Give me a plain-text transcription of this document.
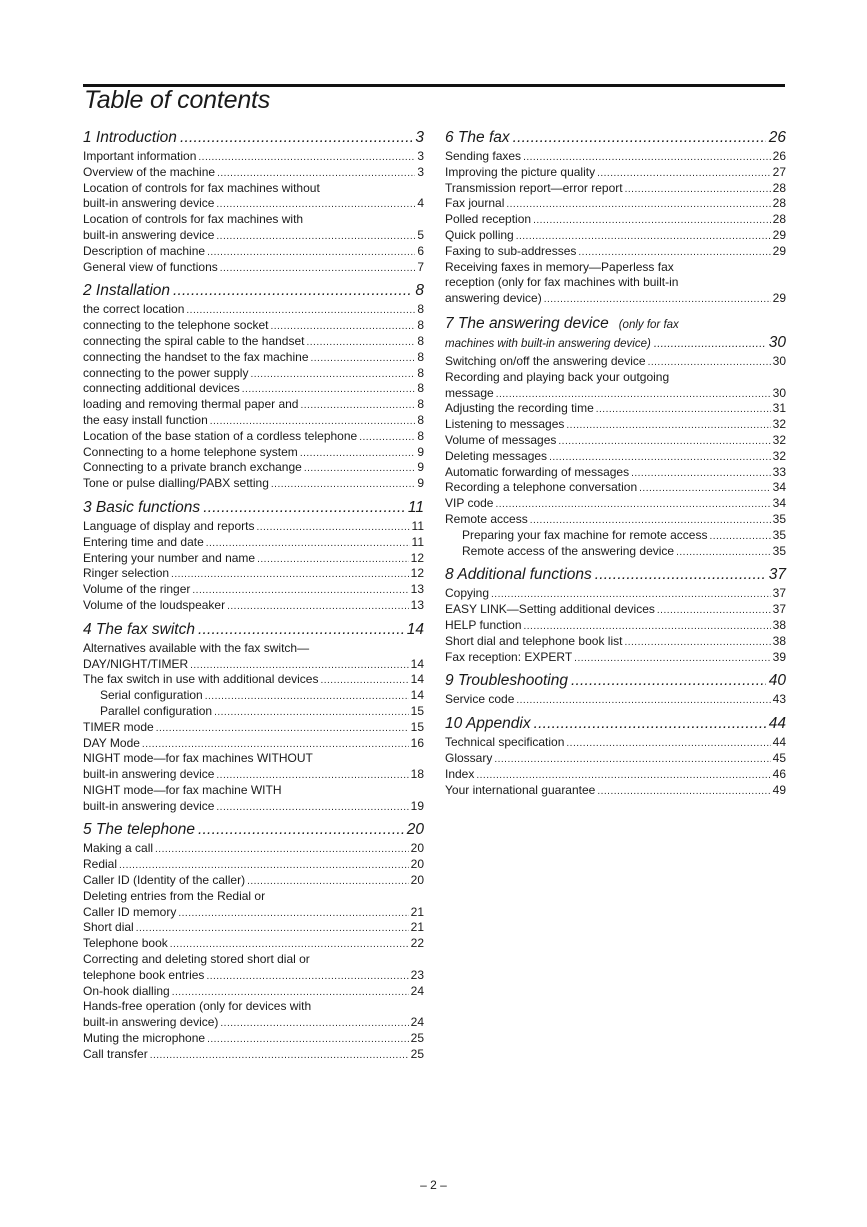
Table of contents
1 Introduction .....	3
Important information .....	3
Overview of the machine .....	3
Location of controls for fax machines without
built-in answering device .....	4
Location of controls for fax machines with
built-in answering device .....	5
Description of machine .....	6
General view of functions .....	7
2 Installation .....	8
the correct location .....	8
connecting to the telephone socket .....	8
connecting the spiral cable to the handset .....	8
connecting the handset to the fax machine .....	8
connecting to the power supply .....	8
connecting additional devices .....	8
loading and removing thermal paper and .....	8
the easy install function .....	8
Location of the base station of a cordless telephone .....	8
Connecting to a home telephone system .....	9
Connecting to a private branch exchange .....	9
Tone or pulse dialling/PABX setting .....	9
3 Basic functions .....	11
Language of display and reports .....	11
Entering time and date .....	11
Entering your number and name .....	12
Ringer selection .....	12
Volume of the ringer .....	13
Volume of the loudspeaker .....	13
4 The fax switch .....	14
Alternatives available with the fax switch—
DAY/NIGHT/TIMER .....	14
The fax switch in use with additional devices .....	14
Serial configuration .....	14
Parallel configuration .....	15
TIMER mode .....	15
DAY Mode .....	16
NIGHT mode—for fax machines WITHOUT
built-in answering device .....	18
NIGHT mode—for fax machine WITH
built-in answering device .....	19
5 The telephone .....	20
Making a call .....	20
Redial .....	20
Caller ID (Identity of the caller) .....	20
Deleting entries from the Redial or
Caller ID memory .....	21
Short dial .....	21
Telephone book .....	22
Correcting and deleting stored short dial or
telephone book entries .....	23
On-hook dialling .....	24
Hands-free operation (only for devices with
built-in answering device) .....	24
Muting the microphone .....	25
Call transfer .....	25
6 The fax .....	26
Sending faxes .....	26
Improving the picture quality .....	27
Transmission report—error report .....	28
Fax journal .....	28
Polled reception .....	28
Quick polling .....	29
Faxing to sub-addresses .....	29
Receiving faxes in memory—Paperless fax
reception (only for fax machines with built-in
answering device) .....	29
7 The answering device (only for fax
machines with built-in answering device) .....	30
Switching on/off the answering device .....	30
Recording and playing back your outgoing
message .....	30
Adjusting the recording time .....	31
Listening to messages .....	32
Volume of messages .....	32
Deleting messages .....	32
Automatic forwarding of messages .....	33
Recording a telephone conversation .....	34
VIP code .....	34
Remote access .....	35
Preparing your fax machine for remote access .....	35
Remote access of the answering device .....	35
8 Additional functions .....	37
Copying .....	37
EASY LINK—Setting additional devices .....	37
HELP function .....	38
Short dial and telephone book list .....	38
Fax reception: EXPERT .....	39
9 Troubleshooting .....	40
Service code .....	43
10 Appendix .....	44
Technical specification .....	44
Glossary .....	45
Index .....	46
Your international guarantee .....	49
– 2 –
